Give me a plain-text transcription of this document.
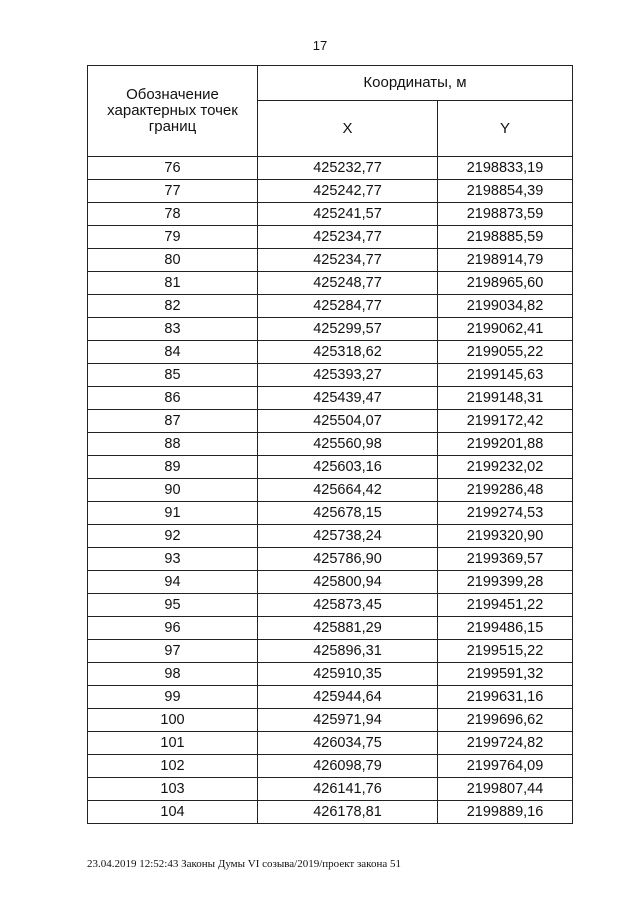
17
Обозначение характерных точек границ	Координаты, м	
	X	Y
76	425232,77	2198833,19
77	425242,77	2198854,39
78	425241,57	2198873,59
79	425234,77	2198885,59
80	425234,77	2198914,79
81	425248,77	2198965,60
82	425284,77	2199034,82
83	425299,57	2199062,41
84	425318,62	2199055,22
85	425393,27	2199145,63
86	425439,47	2199148,31
87	425504,07	2199172,42
88	425560,98	2199201,88
89	425603,16	2199232,02
90	425664,42	2199286,48
91	425678,15	2199274,53
92	425738,24	2199320,90
93	425786,90	2199369,57
94	425800,94	2199399,28
95	425873,45	2199451,22
96	425881,29	2199486,15
97	425896,31	2199515,22
98	425910,35	2199591,32
99	425944,64	2199631,16
100	425971,94	2199696,62
101	426034,75	2199724,82
102	426098,79	2199764,09
103	426141,76	2199807,44
104	426178,81	2199889,16
23.04.2019 12:52:43 Законы Думы VI созыва/2019/проект закона 51
